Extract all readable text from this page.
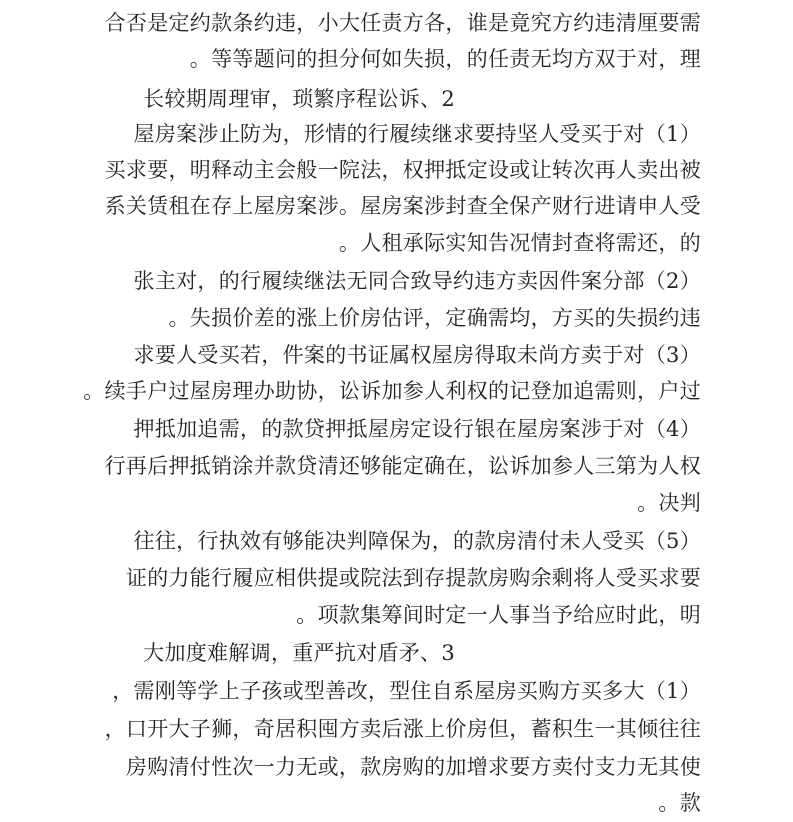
需要厘清违约方究竟是谁，各方责任大小，违约条款约定是否合
理，对于双方均无责任的，损失如何分担的问题等等。
2、诉讼程序繁琐，审理周期较长
（1）对于买受人坚持要求继续履行的情形，为防止涉案房屋
被出卖人再次转让或设定抵押权，法院一般会主动释明，要求买
受人申请进行财产保全查封涉案房屋。涉案房屋上存在租赁关系
的，还需将查封情况告知实际承租人。
（2）部分案件因卖方违约导致合同无法继续履行的，对主张
违约损失的买方，均需确定，评估房价上涨的差价损失。
（3）对于卖方尚未取得房屋权属证书的案件，若买受人要求
过户，则需追加登记的权利人参加诉讼，协助办理房屋过户手续。
（4）对于涉案房屋在银行设定房屋抵押贷款的，需追加抵押
权人为第三人参加诉讼，在确定能够还清贷款并涂销抵押后再行
判决。
（5）买受人未付清房款的，为保障判决能够有效执行，往往
要求买受人将剩余购房款提存到法院或提供相应履行能力的证
明，此时应给予当事人一定时间筹集款项。
3、矛盾对抗严重，调解难度加大
（1）大多买方购买房屋系自住型，改善型或孩子上学等刚需，
往往倾其一生积蓄，但房价上涨后卖方囤积居奇，狮子大开口，
使其无力支付卖方要求增加的购房款，或无力一次性付清购房
款。
